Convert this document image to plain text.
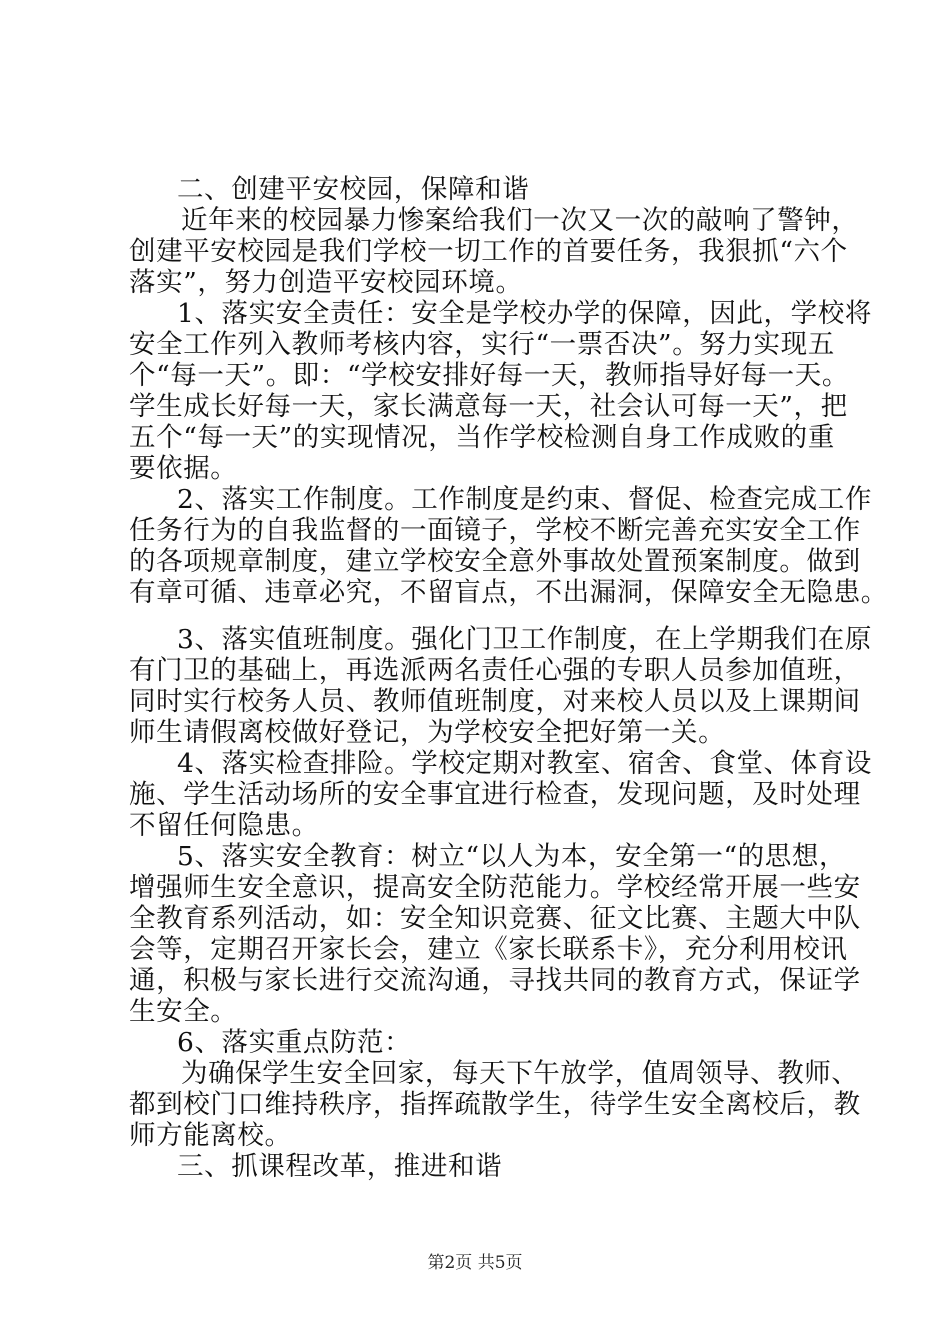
二、创建平安校园，保障和谐

近年来的校园暴力惨案给我们一次又一次的敲响了警钟，

创建平安校园是我们学校一切工作的首要任务，我狠抓“六个

落实”，努力创造平安校园环境。

1、落实安全责任：安全是学校办学的保障，因此，学校将

安全工作列入教师考核内容，实行“一票否决”。努力实现五

个“每一天”。即：“学校安排好每一天，教师指导好每一天。

学生成长好每一天，家长满意每一天，社会认可每一天”，把

五个“每一天”的实现情况，当作学校检测自身工作成败的重

要依据。

2、落实工作制度。工作制度是约束、督促、检查完成工作

任务行为的自我监督的一面镜子，学校不断完善充实安全工作

的各项规章制度，建立学校安全意外事故处置预案制度。做到

有章可循、违章必究，不留盲点，不出漏洞，保障安全无隐患。

3、落实值班制度。强化门卫工作制度，在上学期我们在原

有门卫的基础上，再选派两名责任心强的专职人员参加值班，

同时实行校务人员、教师值班制度，对来校人员以及上课期间

师生请假离校做好登记，为学校安全把好第一关。

4、落实检查排险。学校定期对教室、宿舍、食堂、体育设

施、学生活动场所的安全事宜进行检查，发现问题，及时处理

不留任何隐患。

5、落实安全教育：树立“以人为本，安全第一“的思想，

增强师生安全意识，提高安全防范能力。学校经常开展一些安

全教育系列活动，如：安全知识竞赛、征文比赛、主题大中队

会等，定期召开家长会，建立《家长联系卡》，充分利用校讯

通，积极与家长进行交流沟通，寻找共同的教育方式，保证学

生安全。

6、落实重点防范：

为确保学生安全回家，每天下午放学，值周领导、教师、

都到校门口维持秩序，指挥疏散学生，待学生安全离校后，教

师方能离校。

三、抓课程改革，推进和谐

第2页 共5页
